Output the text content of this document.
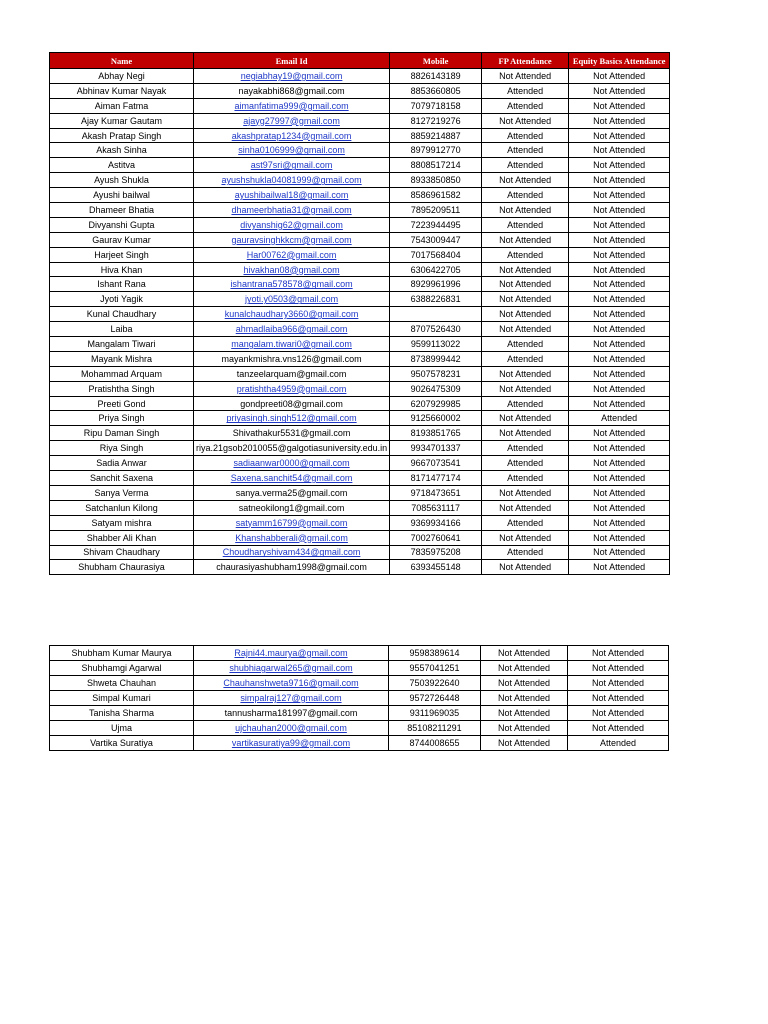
Name	Email Id	Mobile	FP Attendance	Equity Basics Attendance
Abhay Negi	negiabhay19@gmail.com	8826143189	Not Attended	Not Attended
Abhinav Kumar Nayak	nayakabhi868@gmail.com	8853660805	Attended	Not Attended
Aiman Fatma	aimanfatima999@gmail.com	7079718158	Attended	Not Attended
Ajay Kumar Gautam	ajayg27997@gmail.com	8127219276	Not Attended	Not Attended
Akash Pratap Singh	akashpratap1234@gmail.com	8859214887	Attended	Not Attended
Akash Sinha	sinha0106999@gmail.com	8979912770	Attended	Not Attended
Astitva	ast97sri@gmail.com	8808517214	Attended	Not Attended
Ayush Shukla	ayushshukla04081999@gmail.com	8933850850	Not Attended	Not Attended
Ayushi bailwal	ayushibailwal18@gmail.com	8586961582	Attended	Not Attended
Dhameer Bhatia	dhameerbhatia31@gmail.com	7895209511	Not Attended	Not Attended
Divyanshi Gupta	divyanshig62@gmail.com	7223944495	Attended	Not Attended
Gaurav Kumar	gauravsinghkkcm@gmail.com	7543009447	Not Attended	Not Attended
Harjeet Singh	Har00762@gmail.com	7017568404	Attended	Not Attended
Hiva Khan	hivakhan08@gmail.com	6306422705	Not Attended	Not Attended
Ishant Rana	ishantrana578578@gmail.com	8929961996	Not Attended	Not Attended
Jyoti Yagik	jyoti.y0503@gmail.com	6388226831	Not Attended	Not Attended
Kunal Chaudhary	kunalchaudhary3660@gmail.com		Not Attended	Not Attended
Laiba	ahmadlaiba966@gmail.com	8707526430	Not Attended	Not Attended
Mangalam Tiwari	mangalam.tiwari0@gmail.com	9599113022	Attended	Not Attended
Mayank Mishra	mayankmishra.vns126@gmail.com	8738999442	Attended	Not Attended
Mohammad Arquam	tanzeelarquam@gmail.com	9507578231	Not Attended	Not Attended
Pratishtha Singh	pratishtha4959@gmail.com	9026475309	Not Attended	Not Attended
Preeti Gond	gondpreeti08@gmail.com	6207929985	Attended	Not Attended
Priya Singh	priyasingh.singh512@gmail.com	9125660002	Not Attended	Attended
Ripu Daman Singh	Shivathakur5531@gmail.com	8193851765	Not Attended	Not Attended
Riya Singh	riya.21gsob2010055@galgotiasuniversity.edu.in	9934701337	Attended	Not Attended
Sadia Anwar	sadiaanwar0000@gmail.com	9667073541	Attended	Not Attended
Sanchit Saxena	Saxena.sanchit54@gmail.com	8171477174	Attended	Not Attended
Sanya Verma	sanya.verma25@gmail.com	9718473651	Not Attended	Not Attended
Satchanlun Kilong	satneokilong1@gmail.com	7085631117	Not Attended	Not Attended
Satyam mishra	satyamm16799@gmail.com	9369934166	Attended	Not Attended
Shabber Ali Khan	Khanshabberali@gmail.com	7002760641	Not Attended	Not Attended
Shivam Chaudhary	Choudharyshivam434@gmail.com	7835975208	Attended	Not Attended
Shubham Chaurasiya	chaurasiyashubham1998@gmail.com	6393455148	Not Attended	Not Attended
Shubham Kumar Maurya	Rajni44.maurya@gmail.com	9598389614	Not Attended	Not Attended
Shubhamgi Agarwal	shubhiagarwal265@gmail.com	9557041251	Not Attended	Not Attended
Shweta Chauhan	Chauhanshweta9716@gmail.com	7503922640	Not Attended	Not Attended
Simpal Kumari	simpalraj127@gmail.com	9572726448	Not Attended	Not Attended
Tanisha Sharma	tannusharma181997@gmail.com	9311969035	Not Attended	Not Attended
Ujma	ujchauhan2000@gmail.com	85108211291	Not Attended	Not Attended
Vartika Suratiya	vartikasuratiya99@gmail.com	8744008655	Not Attended	Attended
